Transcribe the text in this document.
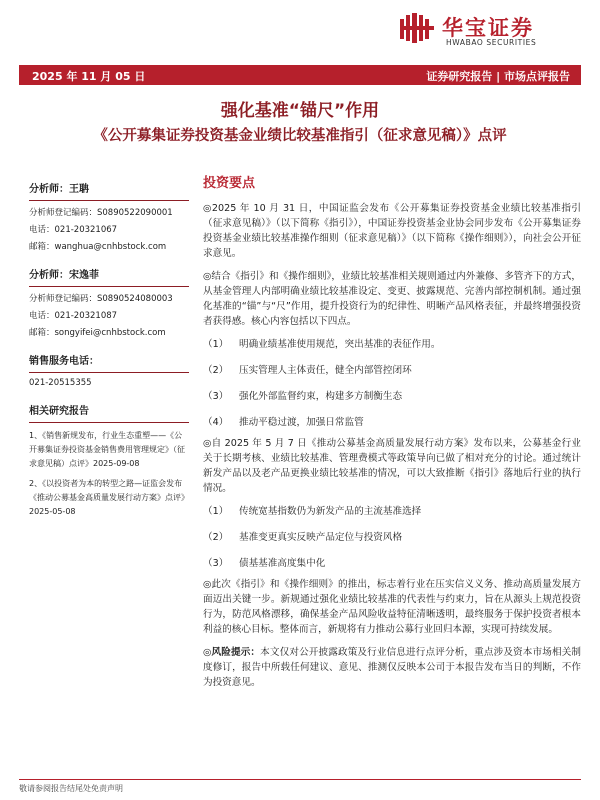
华宝证券
HWABAO SECURITIES
2025 年 11 月 05 日	证券研究报告 | 市场点评报告
强化基准“锚尺”作用
《公开募集证券投资基金业绩比较基准指引（征求意见稿）》点评
分析师：王聃
分析师登记编码：S0890522090001
电话：021-20321067
邮箱：wanghua@cnhbstock.com
分析师：宋逸菲
分析师登记编码：S0890524080003
电话：021-20321087
邮箱：songyifei@cnhbstock.com
销售服务电话：
021-20515355
相关研究报告
1、《销售新规发布，行业生态重塑——《公开募集证券投资基金销售费用管理规定》（征求意见稿）点评》2025-09-08
2、《以投资者为本的转型之路—证监会发布《推动公募基金高质量发展行动方案》点评》2025-05-08
投资要点
◎2025 年 10 月 31 日，中国证监会发布《公开募集证券投资基金业绩比较基准指引（征求意见稿）》（以下简称《指引》），中国证券投资基金业协会同步发布《公开募集证券投资基金业绩比较基准操作细则（征求意见稿）》（以下简称《操作细则》），向社会公开征求意见。
◎结合《指引》和《操作细则》，业绩比较基准相关规则通过内外兼修、多管齐下的方式，从基金管理人内部明确业绩比较基准设定、变更、披露规范、完善内部控制机制。通过强化基准的“锚”与“尺”作用，提升投资行为的纪律性、明晰产品风格表征，并最终增强投资者获得感。核心内容包括以下四点。
（1） 明确业绩基准使用规范，突出基准的表征作用。
（2） 压实管理人主体责任，健全内部管控闭环
（3） 强化外部监督约束，构建多方制衡生态
（4） 推动平稳过渡，加强日常监管
◎自 2025 年 5 月 7 日《推动公募基金高质量发展行动方案》发布以来，公募基金行业关于长期考核、业绩比较基准、管理费模式等政策导向已做了相对充分的讨论。通过统计新发产品以及老产品更换业绩比较基准的情况，可以大致推断《指引》落地后行业的执行情况。
（1） 传统宽基指数仍为新发产品的主流基准选择
（2） 基准变更真实反映产品定位与投资风格
（3） 债基基准高度集中化
◎此次《指引》和《操作细则》的推出，标志着行业在压实信义义务、推动高质量发展方面迈出关键一步。新规通过强化业绩比较基准的代表性与约束力，旨在从源头上规范投资行为，防范风格漂移，确保基金产品风险收益特征清晰透明，最终服务于保护投资者根本利益的核心目标。整体而言，新规将有力推动公募行业回归本源，实现可持续发展。
◎风险提示：本文仅对公开披露政策及行业信息进行点评分析，重点涉及资本市场相关制度修订，报告中所载任何建议、意见、推测仅反映本公司于本报告发布当日的判断，不作为投资意见。
敬请参阅报告结尾处免责声明
